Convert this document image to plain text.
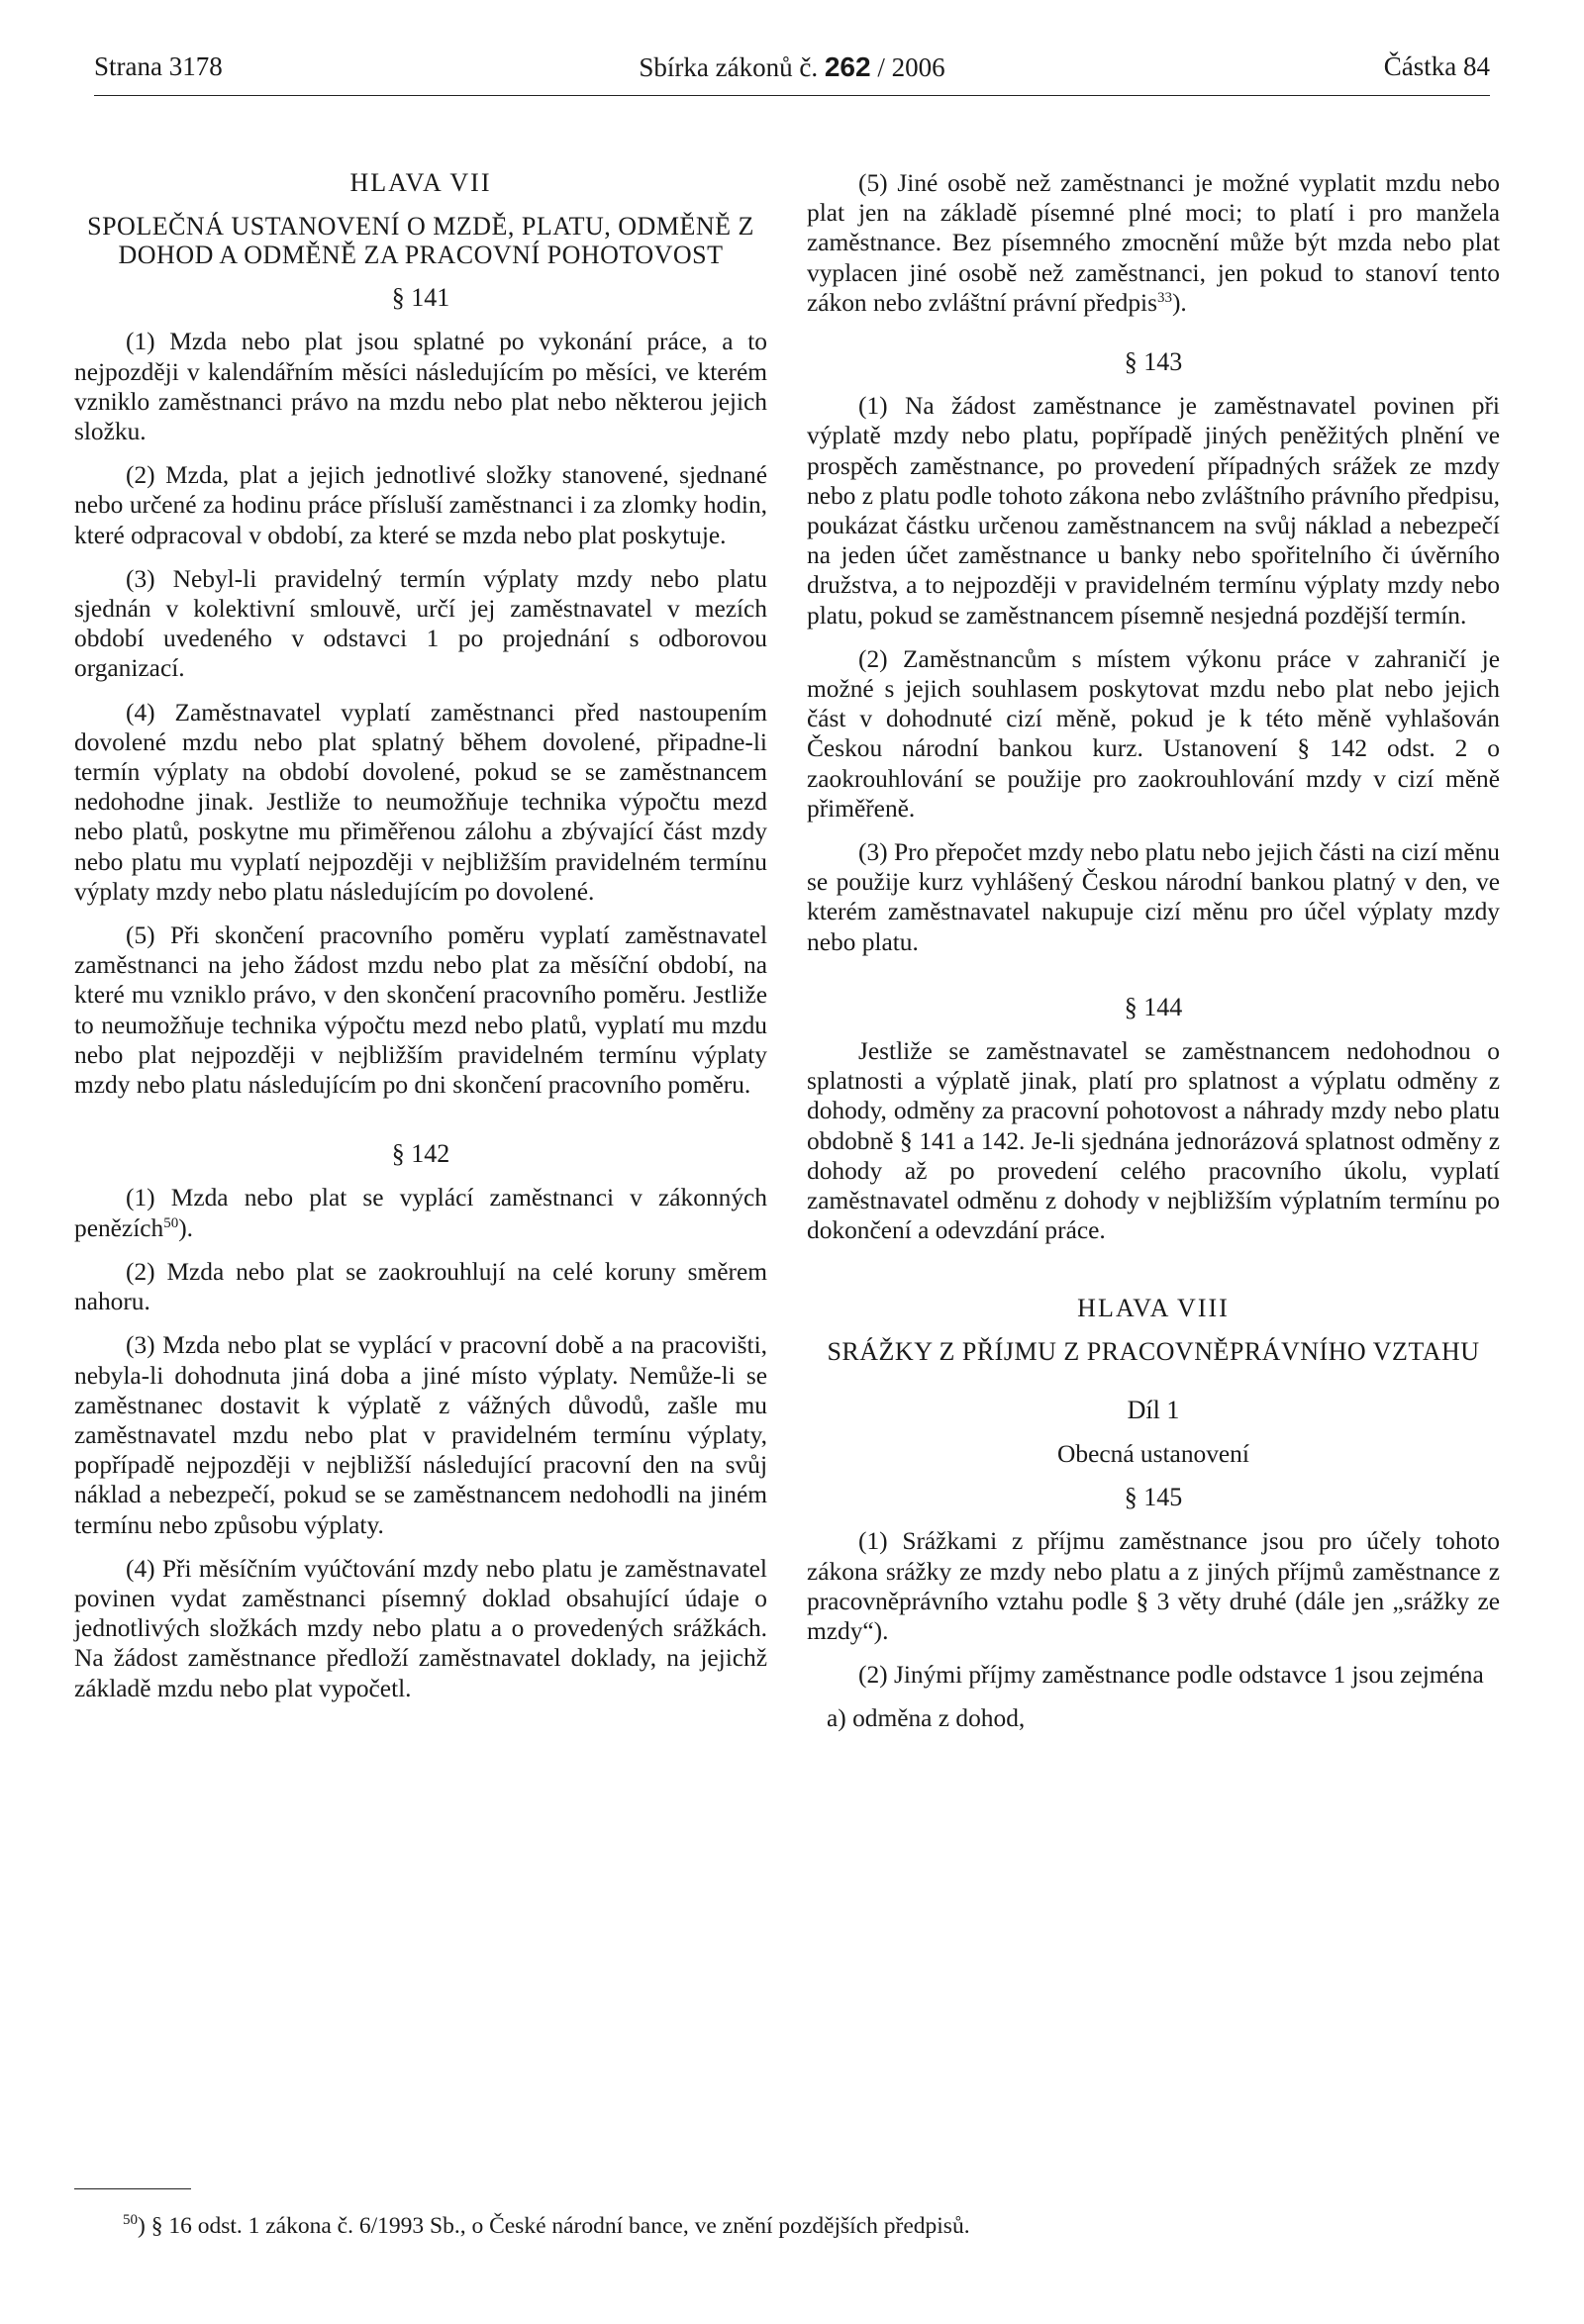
Strana 3178	Sbírka zákonů č. 262 / 2006	Částka 84

HLAVA VII

SPOLEČNÁ USTANOVENÍ O MZDĚ, PLATU, ODMĚNĚ Z DOHOD A ODMĚNĚ ZA PRACOVNÍ POHOTOVOST

§ 141

(1) Mzda nebo plat jsou splatné po vykonání práce, a to nejpozději v kalendářním měsíci následujícím po měsíci, ve kterém vzniklo zaměstnanci právo na mzdu nebo plat nebo některou jejich složku.

(2) Mzda, plat a jejich jednotlivé složky stanovené, sjednané nebo určené za hodinu práce přísluší zaměstnanci i za zlomky hodin, které odpracoval v období, za které se mzda nebo plat poskytuje.

(3) Nebyl-li pravidelný termín výplaty mzdy nebo platu sjednán v kolektivní smlouvě, určí jej zaměstnavatel v mezích období uvedeného v odstavci 1 po projednání s odborovou organizací.

(4) Zaměstnavatel vyplatí zaměstnanci před nastoupením dovolené mzdu nebo plat splatný během dovolené, připadne-li termín výplaty na období dovolené, pokud se se zaměstnancem nedohodne jinak. Jestliže to neumožňuje technika výpočtu mezd nebo platů, poskytne mu přiměřenou zálohu a zbývající část mzdy nebo platu mu vyplatí nejpozději v nejbližším pravidelném termínu výplaty mzdy nebo platu následujícím po dovolené.

(5) Při skončení pracovního poměru vyplatí zaměstnavatel zaměstnanci na jeho žádost mzdu nebo plat za měsíční období, na které mu vzniklo právo, v den skončení pracovního poměru. Jestliže to neumožňuje technika výpočtu mezd nebo platů, vyplatí mu mzdu nebo plat nejpozději v nejbližším pravidelném termínu výplaty mzdy nebo platu následujícím po dni skončení pracovního poměru.

§ 142

(1) Mzda nebo plat se vyplácí zaměstnanci v zákonných penězích$^{50}$).

(2) Mzda nebo plat se zaokrouhlují na celé koruny směrem nahoru.

(3) Mzda nebo plat se vyplácí v pracovní době a na pracovišti, nebyla-li dohodnuta jiná doba a jiné místo výplaty. Nemůže-li se zaměstnanec dostavit k výplatě z vážných důvodů, zašle mu zaměstnavatel mzdu nebo plat v pravidelném termínu výplaty, popřípadě nejpozději v nejbližší následující pracovní den na svůj náklad a nebezpečí, pokud se se zaměstnancem nedohodli na jiném termínu nebo způsobu výplaty.

(4) Při měsíčním vyúčtování mzdy nebo platu je zaměstnavatel povinen vydat zaměstnanci písemný doklad obsahující údaje o jednotlivých složkách mzdy nebo platu a o provedených srážkách. Na žádost zaměstnance předloží zaměstnavatel doklady, na jejichž základě mzdu nebo plat vypočetl.

(5) Jiné osobě než zaměstnanci je možné vyplatit mzdu nebo plat jen na základě písemné plné moci; to platí i pro manžela zaměstnance. Bez písemného zmocnění může být mzda nebo plat vyplacen jiné osobě než zaměstnanci, jen pokud to stanoví tento zákon nebo zvláštní právní předpis$^{33}$).

§ 143

(1) Na žádost zaměstnance je zaměstnavatel povinen při výplatě mzdy nebo platu, popřípadě jiných peněžitých plnění ve prospěch zaměstnance, po provedení případných srážek ze mzdy nebo z platu podle tohoto zákona nebo zvláštního právního předpisu, poukázat částku určenou zaměstnancem na svůj náklad a nebezpečí na jeden účet zaměstnance u banky nebo spořitelního či úvěrního družstva, a to nejpozději v pravidelném termínu výplaty mzdy nebo platu, pokud se zaměstnancem písemně nesjedná pozdější termín.

(2) Zaměstnancům s místem výkonu práce v zahraničí je možné s jejich souhlasem poskytovat mzdu nebo plat nebo jejich část v dohodnuté cizí měně, pokud je k této měně vyhlašován Českou národní bankou kurz. Ustanovení § 142 odst. 2 o zaokrouhlování se použije pro zaokrouhlování mzdy v cizí měně přiměřeně.

(3) Pro přepočet mzdy nebo platu nebo jejich části na cizí měnu se použije kurz vyhlášený Českou národní bankou platný v den, ve kterém zaměstnavatel nakupuje cizí měnu pro účel výplaty mzdy nebo platu.

§ 144

Jestliže se zaměstnavatel se zaměstnancem nedohodnou o splatnosti a výplatě jinak, platí pro splatnost a výplatu odměny z dohody, odměny za pracovní pohotovost a náhrady mzdy nebo platu obdobně § 141 a 142. Je-li sjednána jednorázová splatnost odměny z dohody až po provedení celého pracovního úkolu, vyplatí zaměstnavatel odměnu z dohody v nejbližším výplatním termínu po dokončení a odevzdání práce.

HLAVA VIII

SRÁŽKY Z PŘÍJMU Z PRACOVNĚPRÁVNÍHO VZTAHU

Díl 1

Obecná ustanovení

§ 145

(1) Srážkami z příjmu zaměstnance jsou pro účely tohoto zákona srážky ze mzdy nebo platu a z jiných příjmů zaměstnance z pracovněprávního vztahu podle § 3 věty druhé (dále jen „srážky ze mzdy“).

(2) Jinými příjmy zaměstnance podle odstavce 1 jsou zejména

a) odměna z dohod,

$^{50}$) § 16 odst. 1 zákona č. 6/1993 Sb., o České národní bance, ve znění pozdějších předpisů.
